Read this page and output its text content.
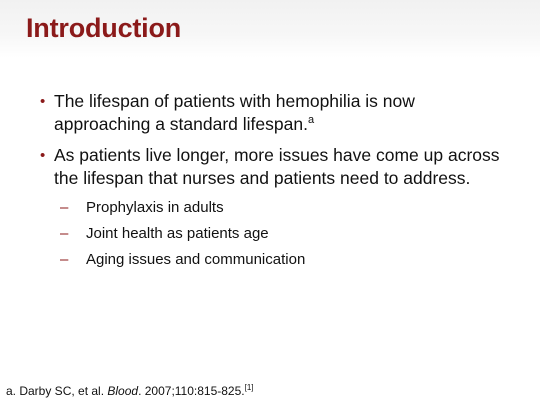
Introduction
• The lifespan of patients with hemophilia is now approaching a standard lifespan.$^a$
• As patients live longer, more issues have come up across the lifespan that nurses and patients need to address.
– Prophylaxis in adults
– Joint health as patients age
– Aging issues and communication
a. Darby SC, et al. Blood. 2007;110:815-825.[1]
